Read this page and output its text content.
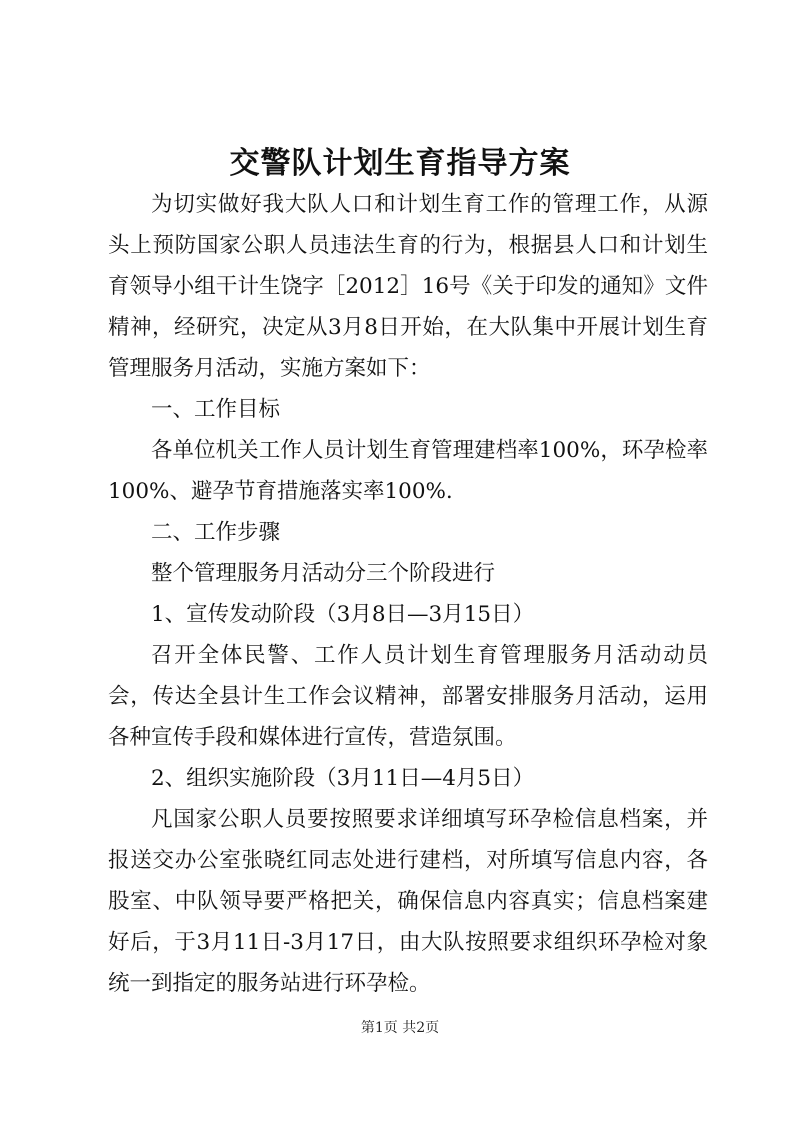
交警队计划生育指导方案

为切实做好我大队人口和计划生育工作的管理工作，从源头上预防国家公职人员违法生育的行为，根据县人口和计划生育领导小组干计生饶字［2012］16号《关于印发的通知》文件精神，经研究，决定从3月8日开始，在大队集中开展计划生育管理服务月活动，实施方案如下：

一、工作目标

各单位机关工作人员计划生育管理建档率100%，环孕检率100%、避孕节育措施落实率100%.

二、工作步骤

整个管理服务月活动分三个阶段进行

1、宣传发动阶段（3月8日—3月15日）

召开全体民警、工作人员计划生育管理服务月活动动员会，传达全县计生工作会议精神，部署安排服务月活动，运用各种宣传手段和媒体进行宣传，营造氛围。

2、组织实施阶段（3月11日—4月5日）

凡国家公职人员要按照要求详细填写环孕检信息档案，并报送交办公室张晓红同志处进行建档，对所填写信息内容，各股室、中队领导要严格把关，确保信息内容真实；信息档案建好后，于3月11日-3月17日，由大队按照要求组织环孕检对象统一到指定的服务站进行环孕检。

第1页 共2页
